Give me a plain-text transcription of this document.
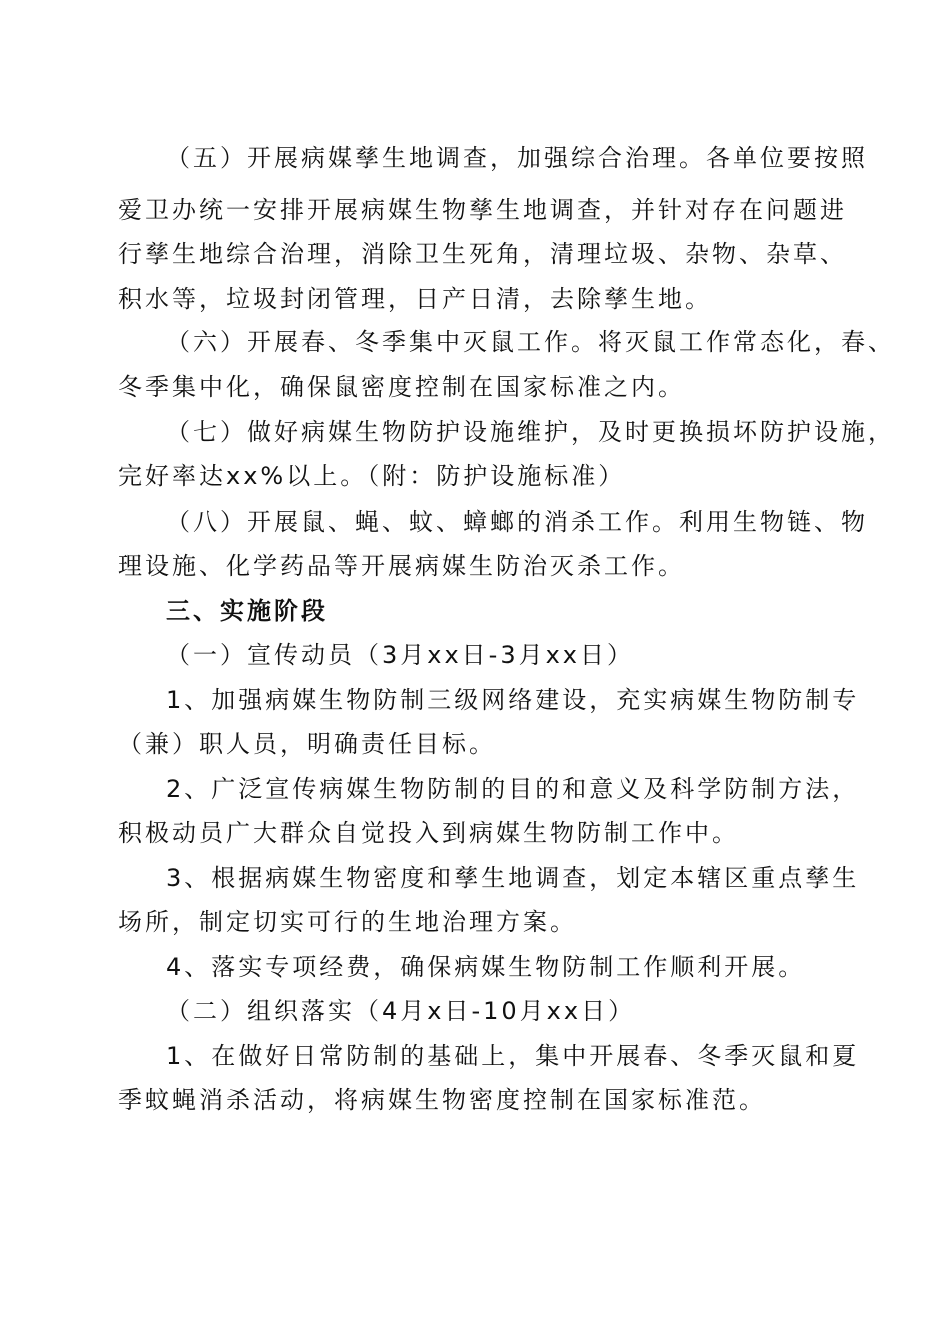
（五）开展病媒孳生地调查，加强综合治理。各单位要按照
爱卫办统一安排开展病媒生物孳生地调查，并针对存在问题进
行孳生地综合治理，消除卫生死角，清理垃圾、杂物、杂草、
积水等，垃圾封闭管理，日产日清，去除孳生地。
（六）开展春、冬季集中灭鼠工作。将灭鼠工作常态化，春、
冬季集中化，确保鼠密度控制在国家标准之内。
（七）做好病媒生物防护设施维护，及时更换损坏防护设施，
完好率达xx%以上。（附：防护设施标准）
（八）开展鼠、蝇、蚊、蟑螂的消杀工作。利用生物链、物
理设施、化学药品等开展病媒生防治灭杀工作。
三、实施阶段
（一）宣传动员（3月xx日-3月xx日）
1、加强病媒生物防制三级网络建设，充实病媒生物防制专
（兼）职人员，明确责任目标。
2、广泛宣传病媒生物防制的目的和意义及科学防制方法，
积极动员广大群众自觉投入到病媒生物防制工作中。
3、根据病媒生物密度和孳生地调查，划定本辖区重点孳生
场所，制定切实可行的生地治理方案。
4、落实专项经费，确保病媒生物防制工作顺利开展。
（二）组织落实（4月x日-10月xx日）
1、在做好日常防制的基础上，集中开展春、冬季灭鼠和夏
季蚊蝇消杀活动，将病媒生物密度控制在国家标准范。
